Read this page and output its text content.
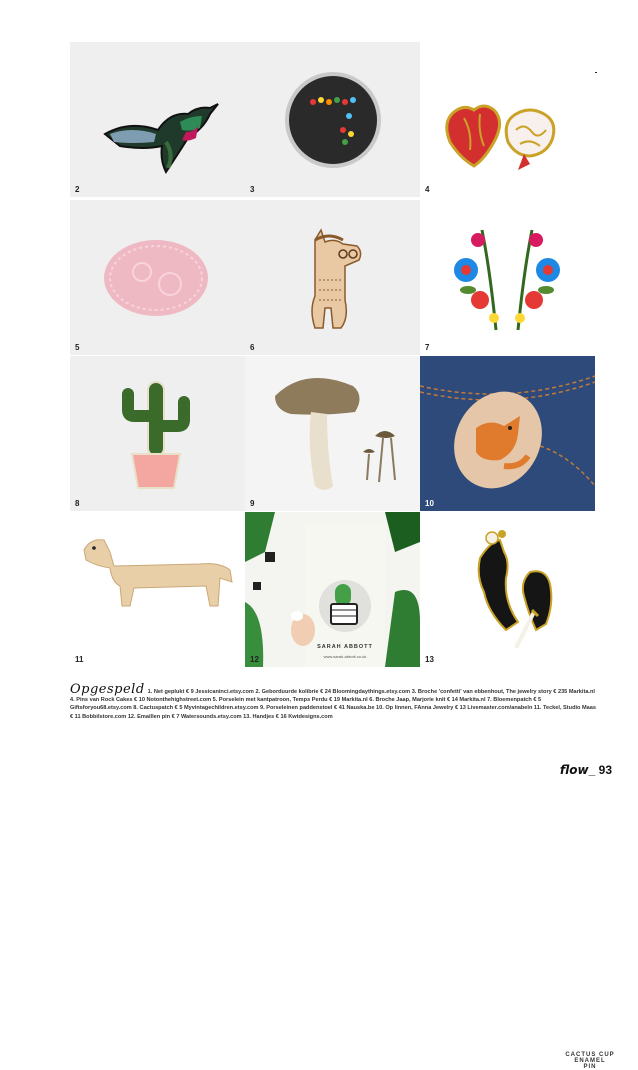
2	3	4
5	6	7
8	9	10
11
CACTUS CUP
ENAMEL
PIN
12
SARAH ABBOTT
www.sarah-abbott.co.uk	13
Opgespeld 1. Net geplukt € 9 Jessicaninci.etsy.com 2. Geborduurde kolibrie € 24 Bloomingdaythings.etsy.com 3. Broche 'confetti' van ebbenhout, The jewelry story € 235 Markita.nl 4. Pins van Rock Cakes € 10 Notonthehighstreet.com 5. Porselein met kantpatroon, Temps Perdu € 19 Markita.nl 6. Broche Jaap, Marjorie knit € 14 Markita.nl 7. Bloemenpatch € 5 Giftsforyou68.etsy.com 8. Cactuspatch € 5 Myvintagechildren.etsy.com 9. Porseleinen paddenstoel € 41 Nauska.be 10. Op linnen, FAnna Jewelry € 13 Livemaster.com/anabeln 11. Teckel, Studio Maas € 11 Bobbilstore.com 12. Emaillen pin € 7 Watersounds.etsy.com 13. Handjes € 16 Kwtdesigns.com
flow_ 93
